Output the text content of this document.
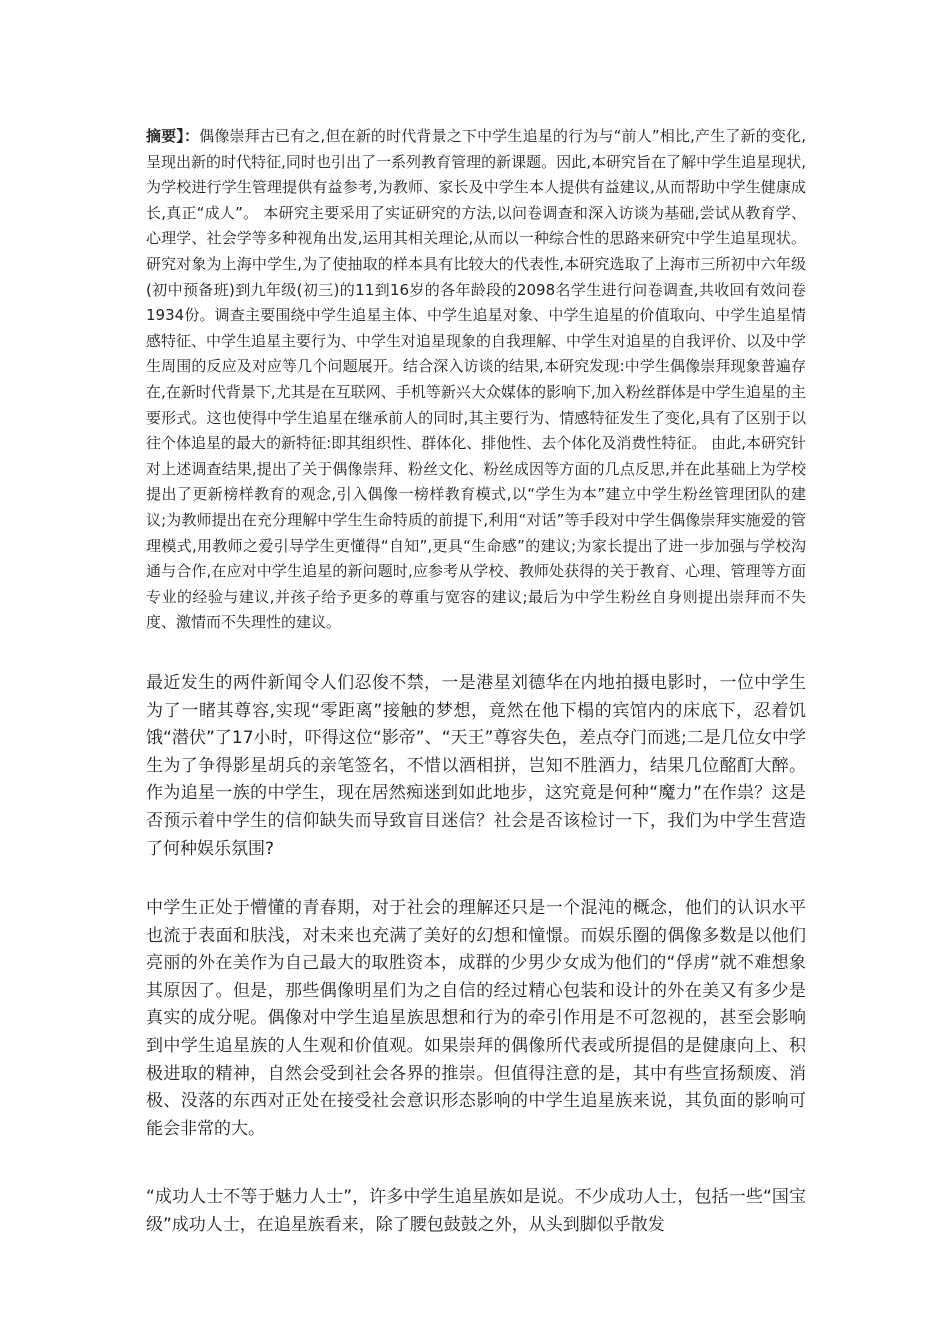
摘要】：偶像崇拜古已有之,但在新的时代背景之下中学生追星的行为与“前人”相比,产生了新的变化,呈现出新的时代特征,同时也引出了一系列教育管理的新课题。因此,本研究旨在了解中学生追星现状,为学校进行学生管理提供有益参考,为教师、家长及中学生本人提供有益建议,从而帮助中学生健康成长,真正“成人”。 本研究主要采用了实证研究的方法,以问卷调查和深入访谈为基础,尝试从教育学、心理学、社会学等多种视角出发,运用其相关理论,从而以一种综合性的思路来研究中学生追星现状。研究对象为上海中学生,为了使抽取的样本具有比较大的代表性,本研究选取了上海市三所初中六年级(初中预备班)到九年级(初三)的11到16岁的各年龄段的2098名学生进行问卷调查,共收回有效问卷1934份。调查主要围绕中学生追星主体、中学生追星对象、中学生追星的价值取向、中学生追星情感特征、中学生追星主要行为、中学生对追星现象的自我理解、中学生对追星的自我评价、以及中学生周围的反应及对应等几个问题展开。结合深入访谈的结果,本研究发现:中学生偶像崇拜现象普遍存在,在新时代背景下,尤其是在互联网、手机等新兴大众媒体的影响下,加入粉丝群体是中学生追星的主要形式。这也使得中学生追星在继承前人的同时,其主要行为、情感特征发生了变化,具有了区别于以往个体追星的最大的新特征:即其组织性、群体化、排他性、去个体化及消费性特征。 由此,本研究针对上述调查结果,提出了关于偶像崇拜、粉丝文化、粉丝成因等方面的几点反思,并在此基础上为学校提出了更新榜样教育的观念,引入偶像一榜样教育模式,以“学生为本”建立中学生粉丝管理团队的建议;为教师提出在充分理解中学生生命特质的前提下,利用“对话”等手段对中学生偶像崇拜实施爱的管理模式,用教师之爱引导学生更懂得“自知”,更具“生命感”的建议;为家长提出了进一步加强与学校沟通与合作,在应对中学生追星的新问题时,应参考从学校、教师处获得的关于教育、心理、管理等方面专业的经验与建议,并孩子给予更多的尊重与宽容的建议;最后为中学生粉丝自身则提出崇拜而不失度、激情而不失理性的建议。
最近发生的两件新闻令人们忍俊不禁，一是港星刘德华在内地拍摄电影时，一位中学生为了一睹其尊容,实现“零距离”接触的梦想，竟然在他下榻的宾馆内的床底下，忍着饥饿“潜伏”了17小时，吓得这位“影帝”、“天王”尊容失色，差点夺门而逃;二是几位女中学生为了争得影星胡兵的亲笔签名，不惜以酒相拼，岂知不胜酒力，结果几位酩酊大醉。作为追星一族的中学生，现在居然痴迷到如此地步，这究竟是何种“魔力”在作祟？这是否预示着中学生的信仰缺失而导致盲目迷信？社会是否该检讨一下，我们为中学生营造了何种娱乐氛围?
中学生正处于懵懂的青春期，对于社会的理解还只是一个混沌的概念，他们的认识水平也流于表面和肤浅，对未来也充满了美好的幻想和憧憬。而娱乐圈的偶像多数是以他们亮丽的外在美作为自己最大的取胜资本，成群的少男少女成为他们的“俘虏”就不难想象其原因了。但是，那些偶像明星们为之自信的经过精心包装和设计的外在美又有多少是真实的成分呢。偶像对中学生追星族思想和行为的牵引作用是不可忽视的，甚至会影响到中学生追星族的人生观和价值观。如果崇拜的偶像所代表或所提倡的是健康向上、积极进取的精神，自然会受到社会各界的推崇。但值得注意的是，其中有些宣扬颓废、消极、没落的东西对正处在接受社会意识形态影响的中学生追星族来说，其负面的影响可能会非常的大。
“成功人士不等于魅力人士”，许多中学生追星族如是说。不少成功人士，包括一些“国宝级”成功人士，在追星族看来，除了腰包鼓鼓之外，从头到脚似乎散发
